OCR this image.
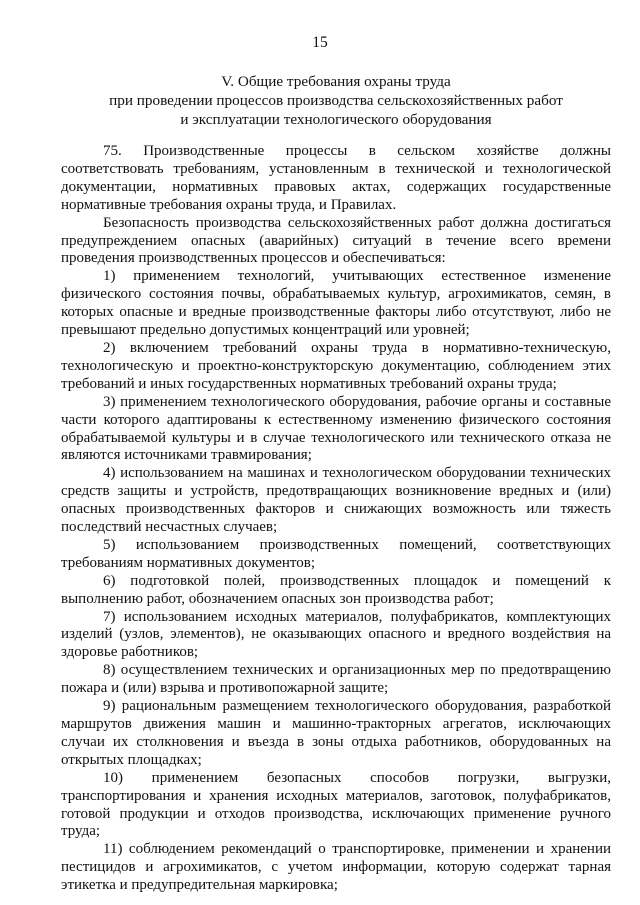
15
V. Общие требования охраны труда
при проведении процессов производства сельскохозяйственных работ
и эксплуатации технологического оборудования

75. Производственные процессы в сельском хозяйстве должны соответствовать требованиям, установленным в технической и технологической документации, нормативных правовых актах, содержащих государственные нормативные требования охраны труда, и Правилах.

Безопасность производства сельскохозяйственных работ должна достигаться предупреждением опасных (аварийных) ситуаций в течение всего времени проведения производственных процессов и обеспечиваться:

1) применением технологий, учитывающих естественное изменение физического состояния почвы, обрабатываемых культур, агрохимикатов, семян, в которых опасные и вредные производственные факторы либо отсутствуют, либо не превышают предельно допустимых концентраций или уровней;

2) включением требований охраны труда в нормативно-техническую, технологическую и проектно-конструкторскую документацию, соблюдением этих требований и иных государственных нормативных требований охраны труда;

3) применением технологического оборудования, рабочие органы и составные части которого адаптированы к естественному изменению физического состояния обрабатываемой культуры и в случае технологического или технического отказа не являются источниками травмирования;

4) использованием на машинах и технологическом оборудовании технических средств защиты и устройств, предотвращающих возникновение вредных и (или) опасных производственных факторов и снижающих возможность или тяжесть последствий несчастных случаев;

5) использованием производственных помещений, соответствующих требованиям нормативных документов;

6) подготовкой полей, производственных площадок и помещений к выполнению работ, обозначением опасных зон производства работ;

7) использованием исходных материалов, полуфабрикатов, комплектующих изделий (узлов, элементов), не оказывающих опасного и вредного воздействия на здоровье работников;

8) осуществлением технических и организационных мер по предотвращению пожара и (или) взрыва и противопожарной защите;

9) рациональным размещением технологического оборудования, разработкой маршрутов движения машин и машинно-тракторных агрегатов, исключающих случаи их столкновения и въезда в зоны отдыха работников, оборудованных на открытых площадках;

10) применением безопасных способов погрузки, выгрузки, транспортирования и хранения исходных материалов, заготовок, полуфабрикатов, готовой продукции и отходов производства, исключающих применение ручного труда;

11) соблюдением рекомендаций о транспортировке, применении и хранении пестицидов и агрохимикатов, с учетом информации, которую содержат тарная этикетка и предупредительная маркировка;
